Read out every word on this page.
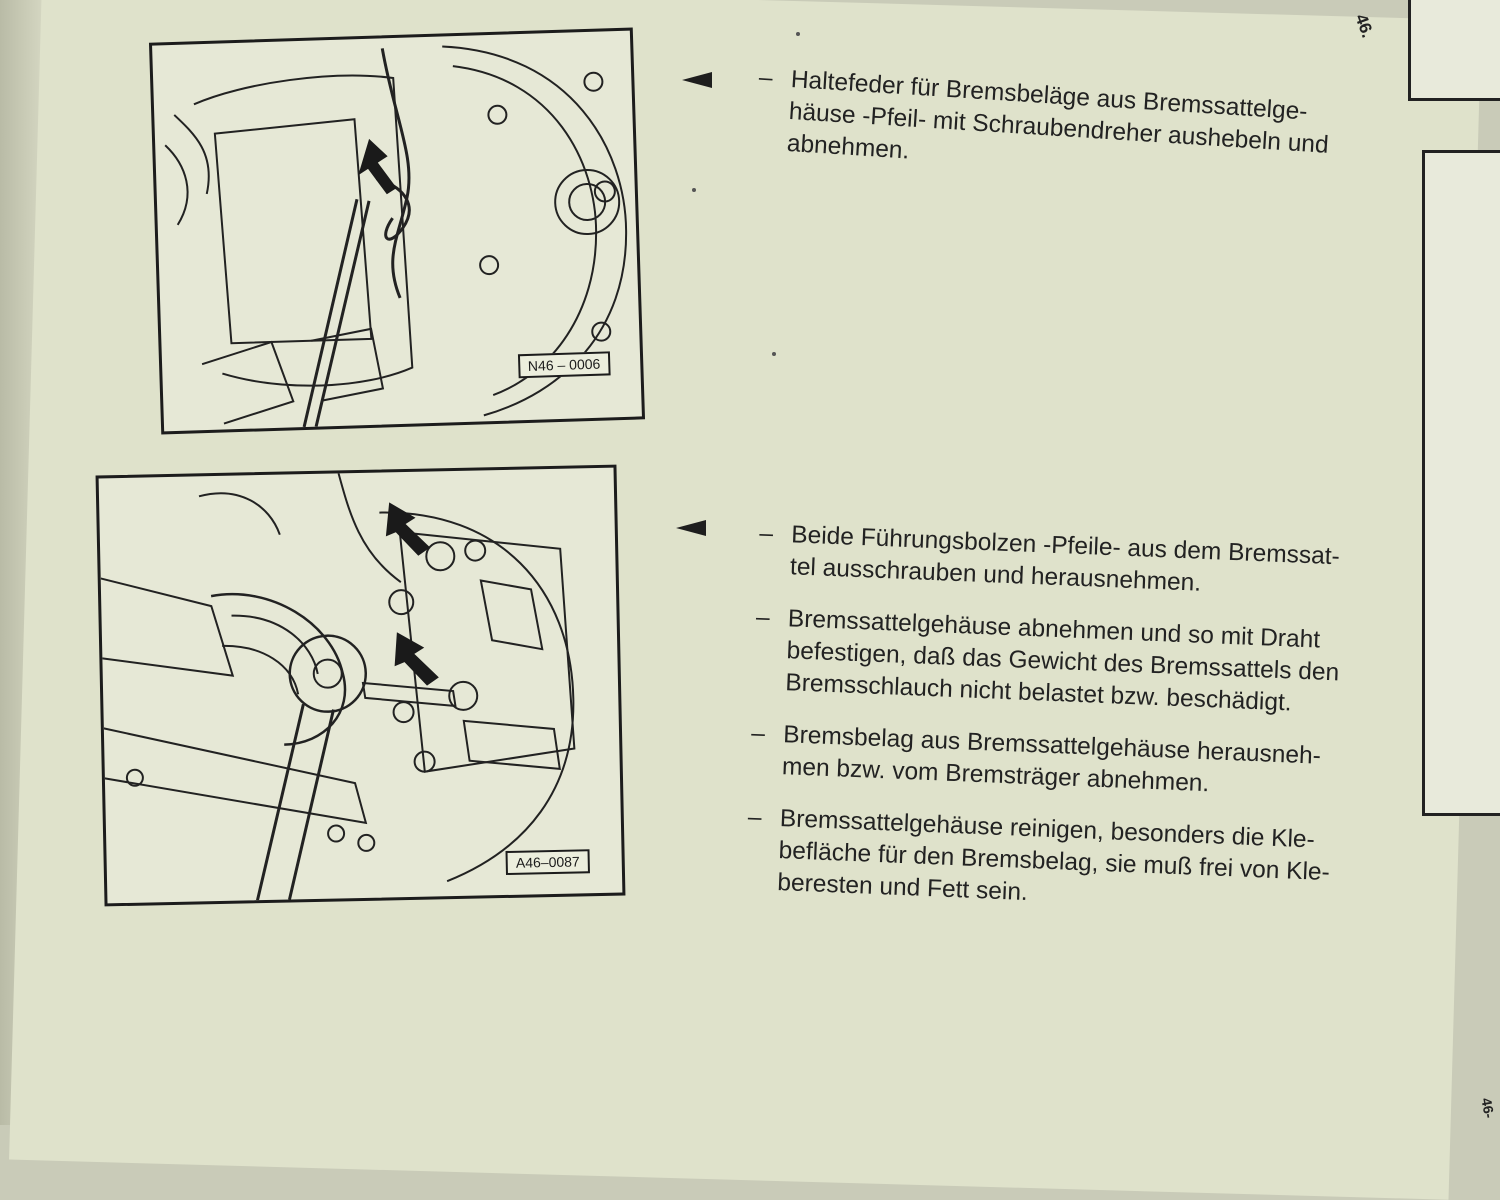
46.
46-
N46 – 0006
A46–0087
– Haltefeder für Bremsbeläge aus Bremssattelge-
häuse -Pfeil- mit Schraubendreher aushebeln und
abnehmen.
– Beide Führungsbolzen -Pfeile- aus dem Bremssat-
tel ausschrauben und herausnehmen.
– Bremssattelgehäuse abnehmen und so mit Draht
befestigen, daß das Gewicht des Bremssattels den
Bremsschlauch nicht belastet bzw. beschädigt.
– Bremsbelag aus Bremssattelgehäuse herausneh-
men bzw. vom Bremsträger abnehmen.
– Bremssattelgehäuse reinigen, besonders die Kle-
befläche für den Bremsbelag, sie muß frei von Kle-
beresten und Fett sein.
